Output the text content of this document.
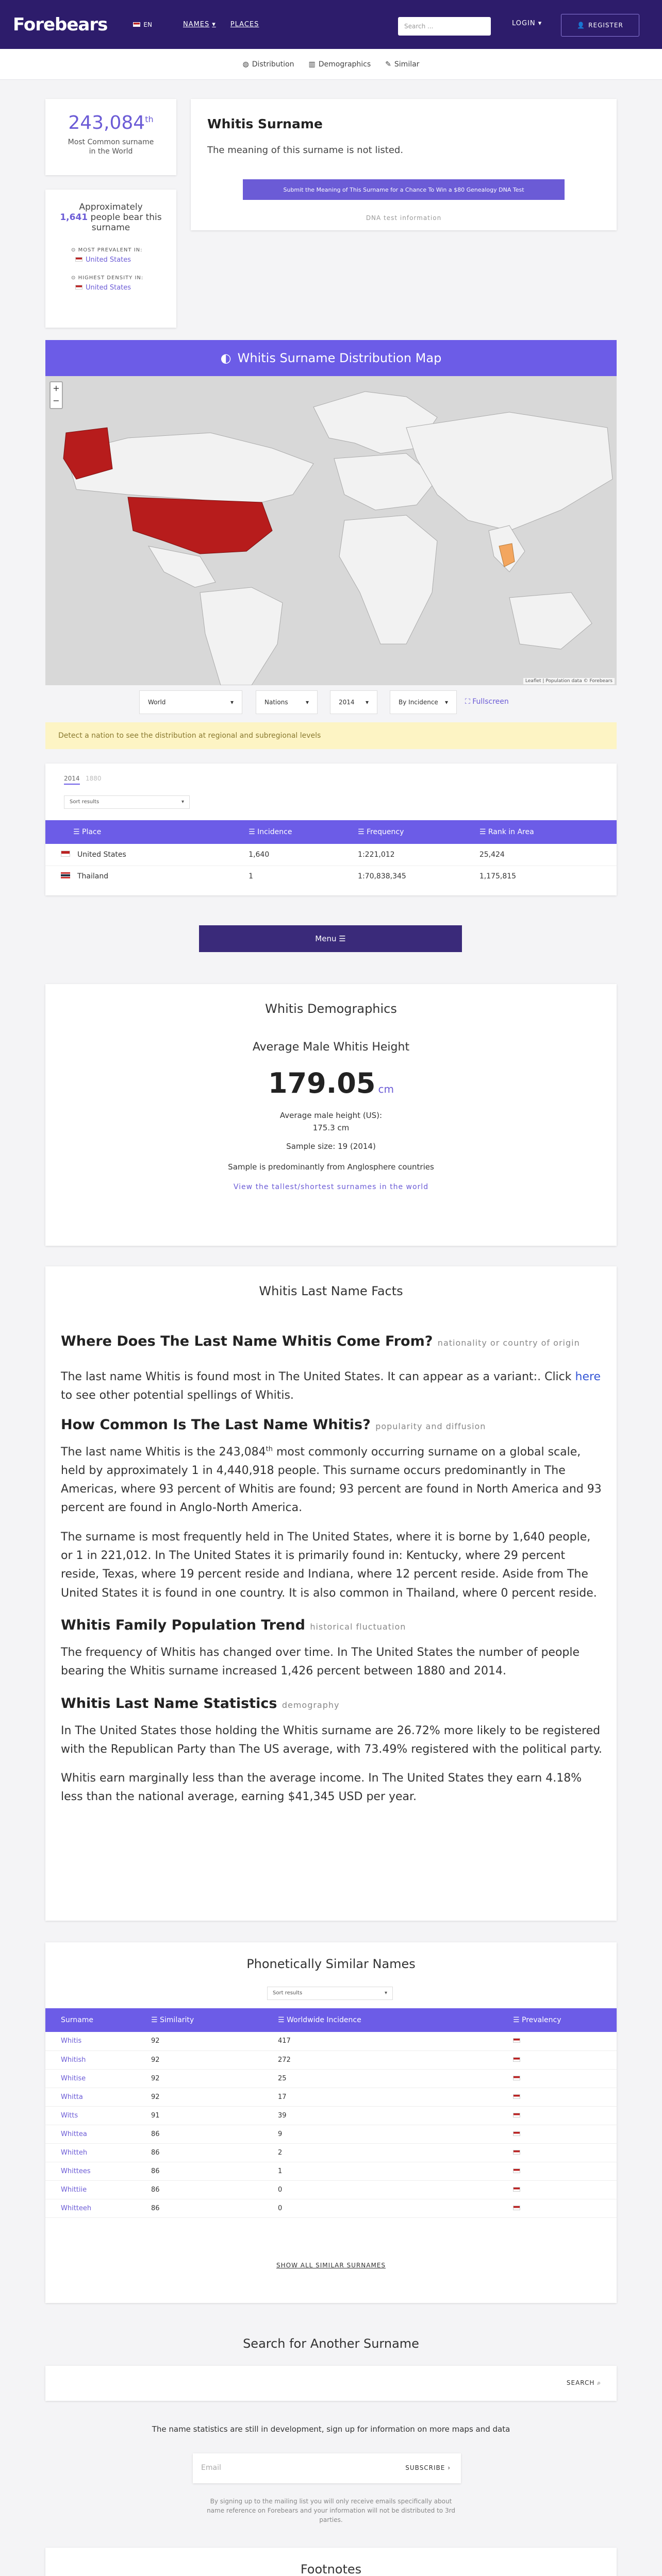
Forebears	EN	NAMES ▾ PLACES	Search ...	LOGIN ▾	👤 REGISTER
◍ Distribution ▥ Demographics ✎ Similar
243,084th
Most Common surname in the World
Approximately
1,641 people bear this surname
⊙ MOST PREVALENT IN:
United States
⊙ HIGHEST DENSITY IN:
United States
Whitis Surname
The meaning of this surname is not listed.
Submit the Meaning of This Surname for a Chance To Win a $80 Genealogy DNA Test
DNA test information
◐ Whitis Surname Distribution Map
+
−
Leaflet | Population data © Forebears
World	▾	Nations	▾	2014 ▾	By Incidence ▾ ⛶ Fullscreen
Detect a nation to see the distribution at regional and subregional levels
2014 1880
Sort results	▾
☰ Place	☰ Incidence	☰ Frequency	☰ Rank in Area
United States	1,640	1:221,012	25,424
Thailand	1	1:70,838,345	1,175,815
Menu ☰
Whitis Demographics
Average Male Whitis Height
179.05 cm
Average male height (US):
175.3 cm
Sample size: 19 (2014)
Sample is predominantly from Anglosphere countries
View the tallest/shortest surnames in the world
Whitis Last Name Facts
Where Does The Last Name Whitis Come From? nationality or country of origin

The last name Whitis is found most in The United States. It can appear as a variant:. Click here to see other potential spellings of Whitis.

How Common Is The Last Name Whitis? popularity and diffusion

The last name Whitis is the 243,084th most commonly occurring surname on a global scale, held by approximately 1 in 4,440,918 people. This surname occurs predominantly in The Americas, where 93 percent of Whitis are found; 93 percent are found in North America and 93 percent are found in Anglo-North America.

The surname is most frequently held in The United States, where it is borne by 1,640 people, or 1 in 221,012. In The United States it is primarily found in: Kentucky, where 29 percent reside, Texas, where 19 percent reside and Indiana, where 12 percent reside. Aside from The United States it is found in one country. It is also common in Thailand, where 0 percent reside.

Whitis Family Population Trend historical fluctuation

The frequency of Whitis has changed over time. In The United States the number of people bearing the Whitis surname increased 1,426 percent between 1880 and 2014.

Whitis Last Name Statistics demography

In The United States those holding the Whitis surname are 26.72% more likely to be registered with the Republican Party than The US average, with 73.49% registered with the political party.

Whitis earn marginally less than the average income. In The United States they earn 4.18% less than the national average, earning $41,345 USD per year.

Phonetically Similar Names
Sort results	▾
Surname	☰ Similarity	☰ Worldwide Incidence	☰ Prevalency
Whitis	92	417	
Whitish	92	272	
Whitise	92	25	
Whitta	92	17	
Witts	91	39	
Whittea	86	9	
Whitteh	86	2	
Whittees	86	1	
Whittiie	86	0	
Whitteeh	86	0	
SHOW ALL SIMILAR SURNAMES
Search for Another Surname
SEARCH ⌕
The name statistics are still in development, sign up for information on more maps and data
Email	SUBSCRIBE ›
By signing up to the mailing list you will only receive emails specifically about name reference on Forebears and your information will not be distributed to 3rd parties.
Footnotes
